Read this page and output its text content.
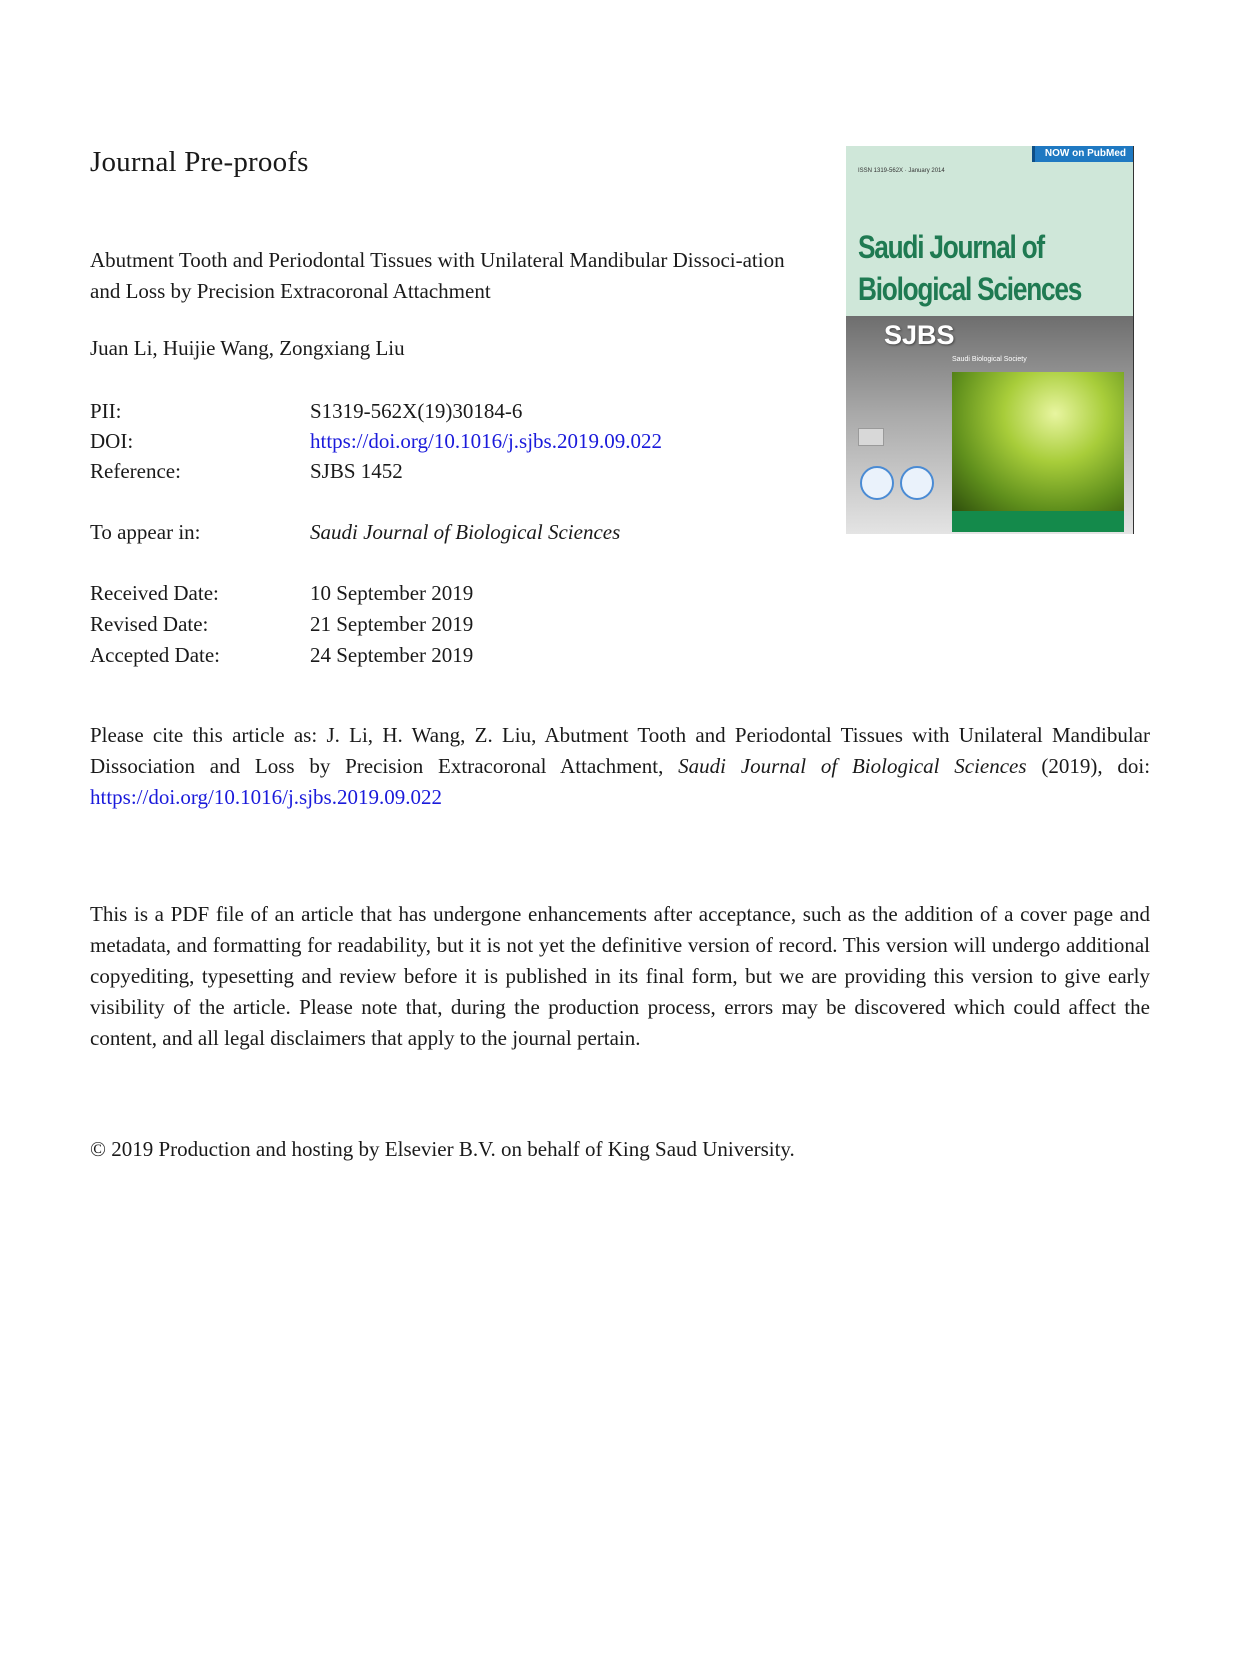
Journal Pre-proofs
Abutment Tooth and Periodontal Tissues with Unilateral Mandibular Dissoci-ation and Loss by Precision Extracoronal Attachment
Juan Li, Huijie Wang, Zongxiang Liu
PII:	S1319-562X(19)30184-6
DOI:	https://doi.org/10.1016/j.sjbs.2019.09.022
Reference:	SJBS 1452
To appear in:	Saudi Journal of Biological Sciences
Received Date:	10 September 2019
Revised Date:	21 September 2019
Accepted Date:	24 September 2019
Please cite this article as: J. Li, H. Wang, Z. Liu, Abutment Tooth and Periodontal Tissues with Unilateral Mandibular Dissociation and Loss by Precision Extracoronal Attachment, Saudi Journal of Biological Sciences (2019), doi: https://doi.org/10.1016/j.sjbs.2019.09.022
This is a PDF file of an article that has undergone enhancements after acceptance, such as the addition of a cover page and metadata, and formatting for readability, but it is not yet the definitive version of record. This version will undergo additional copyediting, typesetting and review before it is published in its final form, but we are providing this version to give early visibility of the article. Please note that, during the production process, errors may be discovered which could affect the content, and all legal disclaimers that apply to the journal pertain.
© 2019 Production and hosting by Elsevier B.V. on behalf of King Saud University.
NOW on PubMed
ISSN 1319-562X · January 2014
Saudi Journal of
Biological Sciences
SJBS
Saudi Biological Society
